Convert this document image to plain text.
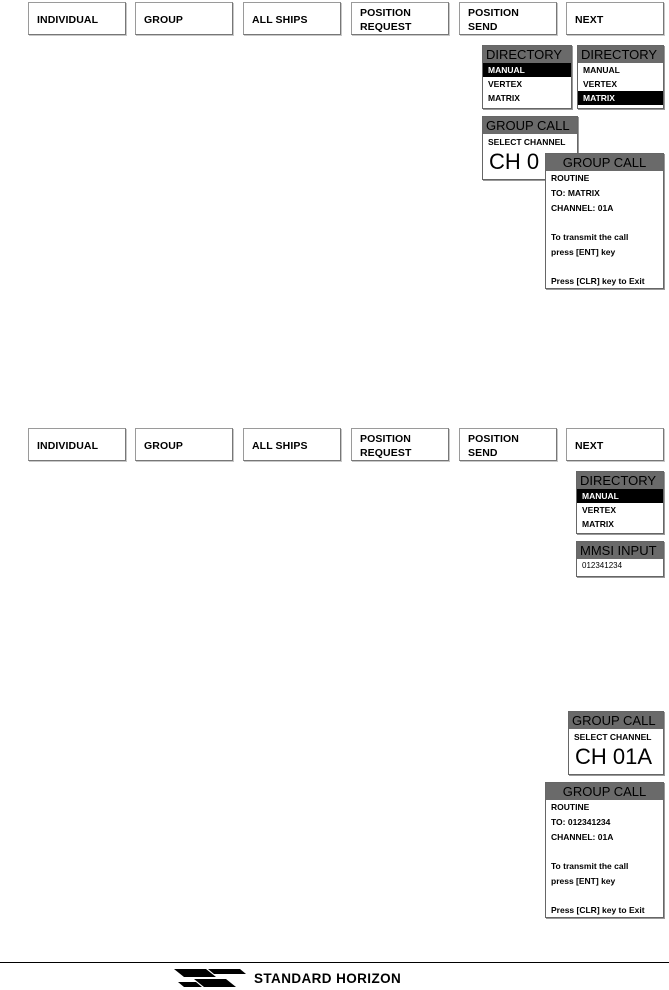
INDIVIDUAL	GROUP	ALL SHIPS
POSITION
REQUEST
POSITION
SEND
NEXT
DIRECTORY
MANUAL
VERTEX
MATRIX
DIRECTORY
MANUAL
VERTEX
MATRIX
GROUP CALL
SELECT CHANNEL
CH 0	GROUP CALL
ROUTINE
TO: MATRIX
CHANNEL: 01A
To transmit the call
press [ENT] key
Press [CLR] key to Exit
INDIVIDUAL	GROUP	ALL SHIPS
POSITION
REQUEST
POSITION
SEND
NEXT
DIRECTORY
MANUAL
VERTEX
MATRIX
MMSI INPUT
012341234
GROUP CALL
SELECT CHANNEL
CH 01A
GROUP CALL
ROUTINE
TO: 012341234
CHANNEL: 01A
To transmit the call
press [ENT] key
Press [CLR] key to Exit
STANDARD HORIZON
